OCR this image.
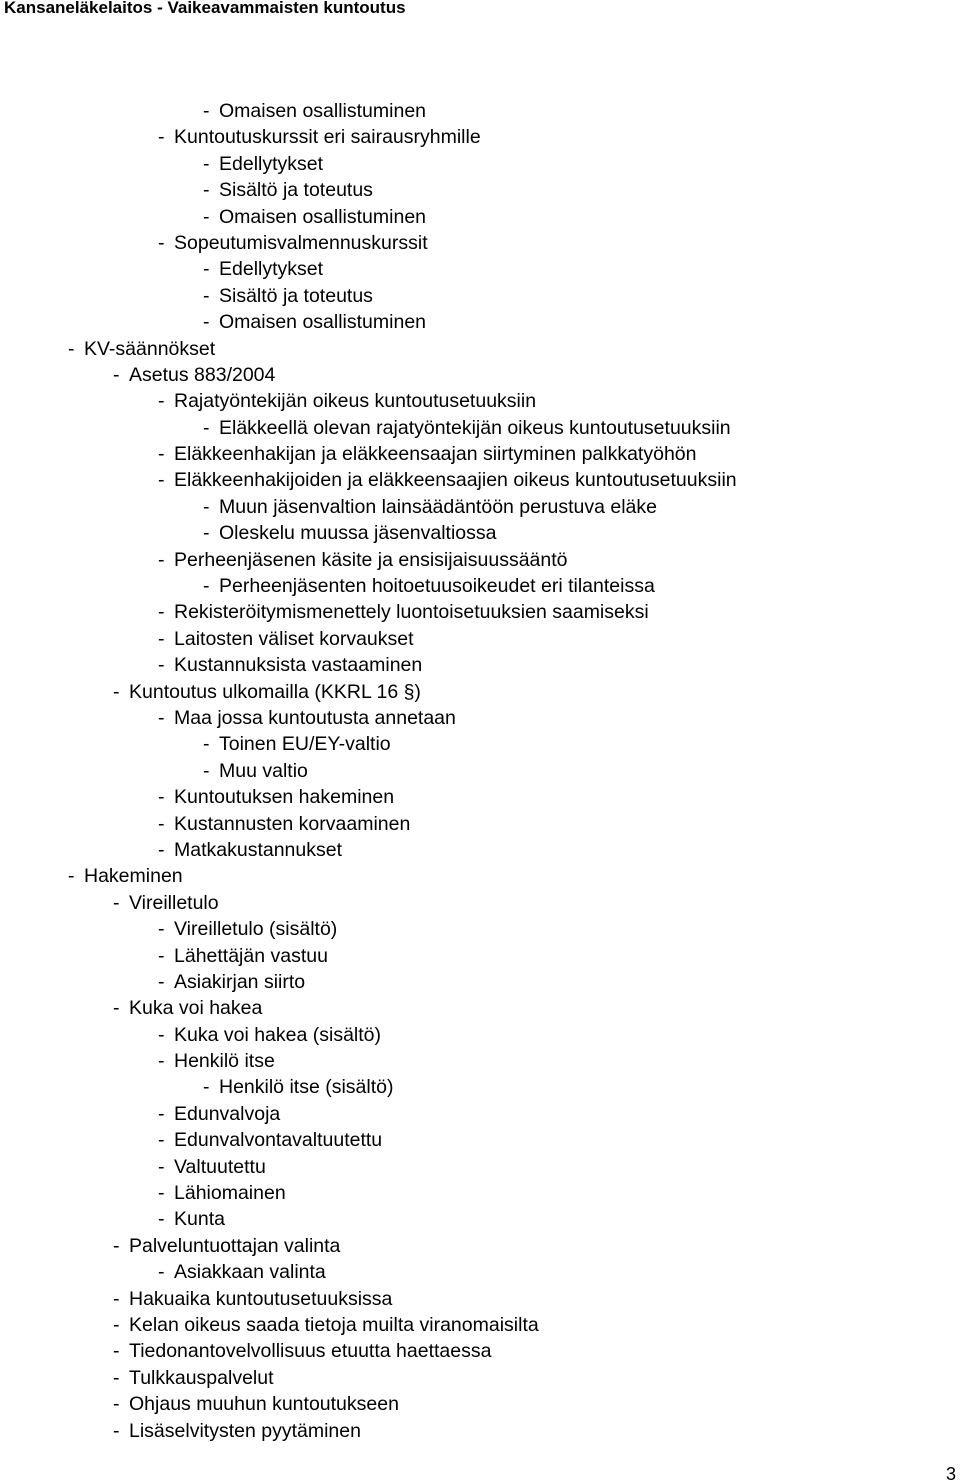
Kansaneläkelaitos - Vaikeavammaisten kuntoutus
- Omaisen osallistuminen
- Kuntoutuskurssit eri sairausryhmille
- Edellytykset
- Sisältö ja toteutus
- Omaisen osallistuminen
- Sopeutumisvalmennuskurssit
- Edellytykset
- Sisältö ja toteutus
- Omaisen osallistuminen
- KV-säännökset
- Asetus 883/2004
- Rajatyöntekijän oikeus kuntoutusetuuksiin
- Eläkkeellä olevan rajatyöntekijän oikeus kuntoutusetuuksiin
- Eläkkeenhakijan ja eläkkeensaajan siirtyminen palkkatyöhön
- Eläkkeenhakijoiden ja eläkkeensaajien oikeus kuntoutusetuuksiin
- Muun jäsenvaltion lainsäädäntöön perustuva eläke
- Oleskelu muussa jäsenvaltiossa
- Perheenjäsenen käsite ja ensisijaisuussääntö
- Perheenjäsenten hoitoetuusoikeudet eri tilanteissa
- Rekisteröitymismenettely luontoisetuuksien saamiseksi
- Laitosten väliset korvaukset
- Kustannuksista vastaaminen
- Kuntoutus ulkomailla (KKRL 16 §)
- Maa jossa kuntoutusta annetaan
- Toinen EU/EY-valtio
- Muu valtio
- Kuntoutuksen hakeminen
- Kustannusten korvaaminen
- Matkakustannukset
- Hakeminen
- Vireilletulo
- Vireilletulo (sisältö)
- Lähettäjän vastuu
- Asiakirjan siirto
- Kuka voi hakea
- Kuka voi hakea (sisältö)
- Henkilö itse
- Henkilö itse (sisältö)
- Edunvalvoja
- Edunvalvontavaltuutettu
- Valtuutettu
- Lähiomainen
- Kunta
- Palveluntuottajan valinta
- Asiakkaan valinta
- Hakuaika kuntoutusetuuksissa
- Kelan oikeus saada tietoja muilta viranomaisilta
- Tiedonantovelvollisuus etuutta haettaessa
- Tulkkauspalvelut
- Ohjaus muuhun kuntoutukseen
- Lisäselvitysten pyytäminen
3
